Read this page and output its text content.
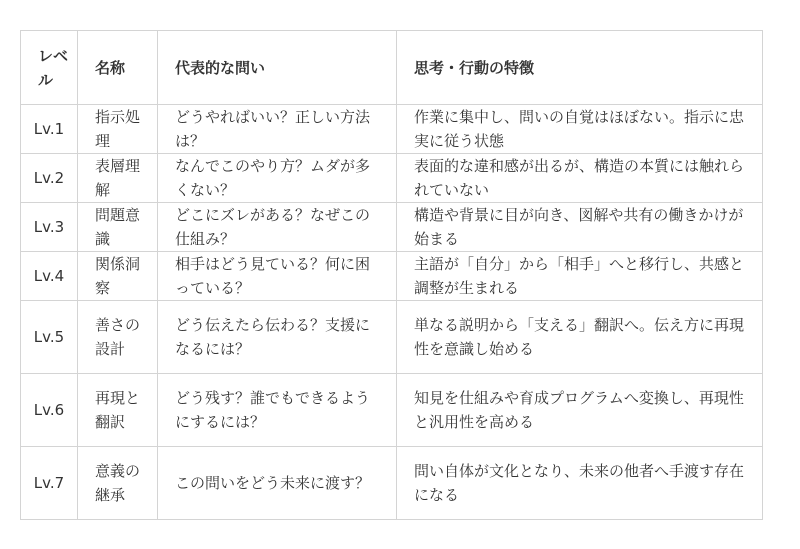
レベル	名称	代表的な問い	思考・行動の特徴
Lv.1	指示処理	どうやればいい？正しい方法は？	作業に集中し、問いの自覚はほぼない。指示に忠実に従う状態
Lv.2	表層理解	なんでこのやり方？ムダが多くない？	表面的な違和感が出るが、構造の本質には触れられていない
Lv.3	問題意識	どこにズレがある？なぜこの仕組み？	構造や背景に目が向き、図解や共有の働きかけが始まる
Lv.4	関係洞察	相手はどう見ている？何に困っている？	主語が「自分」から「相手」へと移行し、共感と調整が生まれる
Lv.5	善さの設計	どう伝えたら伝わる？支援になるには？	単なる説明から「支える」翻訳へ。伝え方に再現性を意識し始める
Lv.6	再現と翻訳	どう残す？誰でもできるようにするには？	知見を仕組みや育成プログラムへ変換し、再現性と汎用性を高める
Lv.7	意義の継承	この問いをどう未来に渡す？	問い自体が文化となり、未来の他者へ手渡す存在になる
